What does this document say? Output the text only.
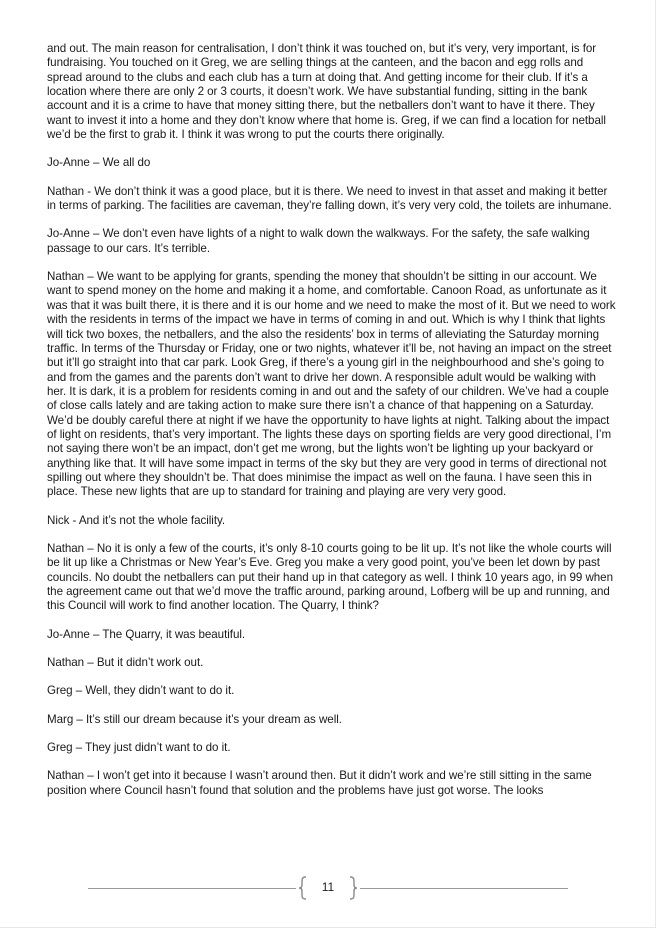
and out. The main reason for centralisation, I don’t think it was touched on, but it’s very, very important, is for fundraising. You touched on it Greg, we are selling things at the canteen, and the bacon and egg rolls and spread around to the clubs and each club has a turn at doing that. And getting income for their club. If it’s a location where there are only 2 or 3 courts, it doesn’t work. We have substantial funding, sitting in the bank account and it is a crime to have that money sitting there, but the netballers don’t want to have it there. They want to invest it into a home and they don’t know where that home is. Greg, if we can find a location for netball we’d be the first to grab it. I think it was wrong to put the courts there originally.

Jo-Anne – We all do

Nathan - We don’t think it was a good place, but it is there. We need to invest in that asset and making it better in terms of parking. The facilities are caveman, they’re falling down, it’s very very cold, the toilets are inhumane.

Jo-Anne – We don’t even have lights of a night to walk down the walkways. For the safety, the safe walking passage to our cars. It’s terrible.

Nathan – We want to be applying for grants, spending the money that shouldn’t be sitting in our account. We want to spend money on the home and making it a home, and comfortable. Canoon Road, as unfortunate as it was that it was built there, it is there and it is our home and we need to make the most of it. But we need to work with the residents in terms of the impact we have in terms of coming in and out. Which is why I think that lights will tick two boxes, the netballers, and the also the residents’ box in terms of alleviating the Saturday morning traffic. In terms of the Thursday or Friday, one or two nights, whatever it’ll be, not having an impact on the street but it’ll go straight into that car park. Look Greg, if there’s a young girl in the neighbourhood and she’s going to and from the games and the parents don’t want to drive her down. A responsible adult would be walking with her. It is dark, it is a problem for residents coming in and out and the safety of our children. We’ve had a couple of close calls lately and are taking action to make sure there isn’t a chance of that happening on a Saturday. We’d be doubly careful there at night if we have the opportunity to have lights at night. Talking about the impact of light on residents, that’s very important. The lights these days on sporting fields are very good directional, I’m not saying there won’t be an impact, don’t get me wrong, but the lights won’t be lighting up your backyard or anything like that. It will have some impact in terms of the sky but they are very good in terms of directional not spilling out where they shouldn’t be. That does minimise the impact as well on the fauna. I have seen this in place. These new lights that are up to standard for training and playing are very very good.

Nick - And it’s not the whole facility.

Nathan – No it is only a few of the courts, it’s only 8-10 courts going to be lit up. It’s not like the whole courts will be lit up like a Christmas or New Year’s Eve. Greg you make a very good point, you’ve been let down by past councils. No doubt the netballers can put their hand up in that category as well. I think 10 years ago, in 99 when the agreement came out that we’d move the traffic around, parking around, Lofberg will be up and running, and this Council will work to find another location. The Quarry, I think?

Jo-Anne – The Quarry, it was beautiful.

Nathan – But it didn’t work out.

Greg – Well, they didn’t want to do it.

Marg – It’s still our dream because it’s your dream as well.

Greg – They just didn’t want to do it.

Nathan – I won’t get into it because I wasn’t around then. But it didn’t work and we’re still sitting in the same position where Council hasn’t found that solution and the problems have just got worse. The looks

11
